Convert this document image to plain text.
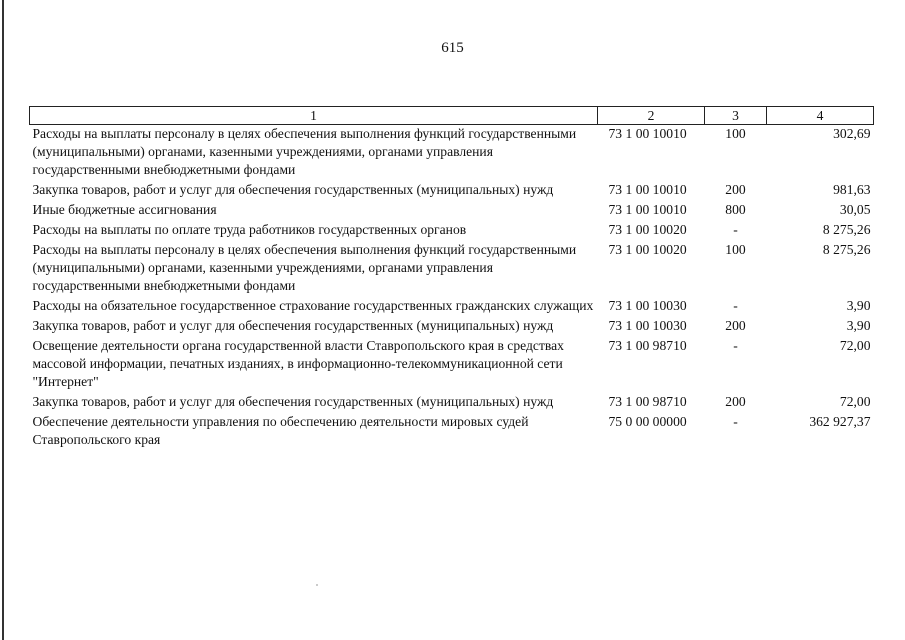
615
1	2	3	4
Расходы на выплаты персоналу в целях обеспечения выполнения функций государственными (муниципальными) органами, казенными учреждениями, органами управления государственными внебюджетными фондами	73 1 00 10010	100	302,69
Закупка товаров, работ и услуг для обеспечения государственных (муниципальных) нужд	73 1 00 10010	200	981,63
Иные бюджетные ассигнования	73 1 00 10010	800	30,05
Расходы на выплаты по оплате труда работников государственных органов	73 1 00 10020	-	8 275,26
Расходы на выплаты персоналу в целях обеспечения выполнения функций государственными (муниципальными) органами, казенными учреждениями, органами управления государственными внебюджетными фондами	73 1 00 10020	100	8 275,26
Расходы на обязательное государственное страхование государственных гражданских служащих	73 1 00 10030	-	3,90
Закупка товаров, работ и услуг для обеспечения государственных (муниципальных) нужд	73 1 00 10030	200	3,90
Освещение деятельности органа государственной власти Ставропольского края в средствах массовой информации, печатных изданиях, в информационно-телекоммуникационной сети "Интернет"	73 1 00 98710	-	72,00
Закупка товаров, работ и услуг для обеспечения государственных (муниципальных) нужд	73 1 00 98710	200	72,00
Обеспечение деятельности управления по обеспечению деятельности мировых судей Ставропольского края	75 0 00 00000	-	362 927,37
